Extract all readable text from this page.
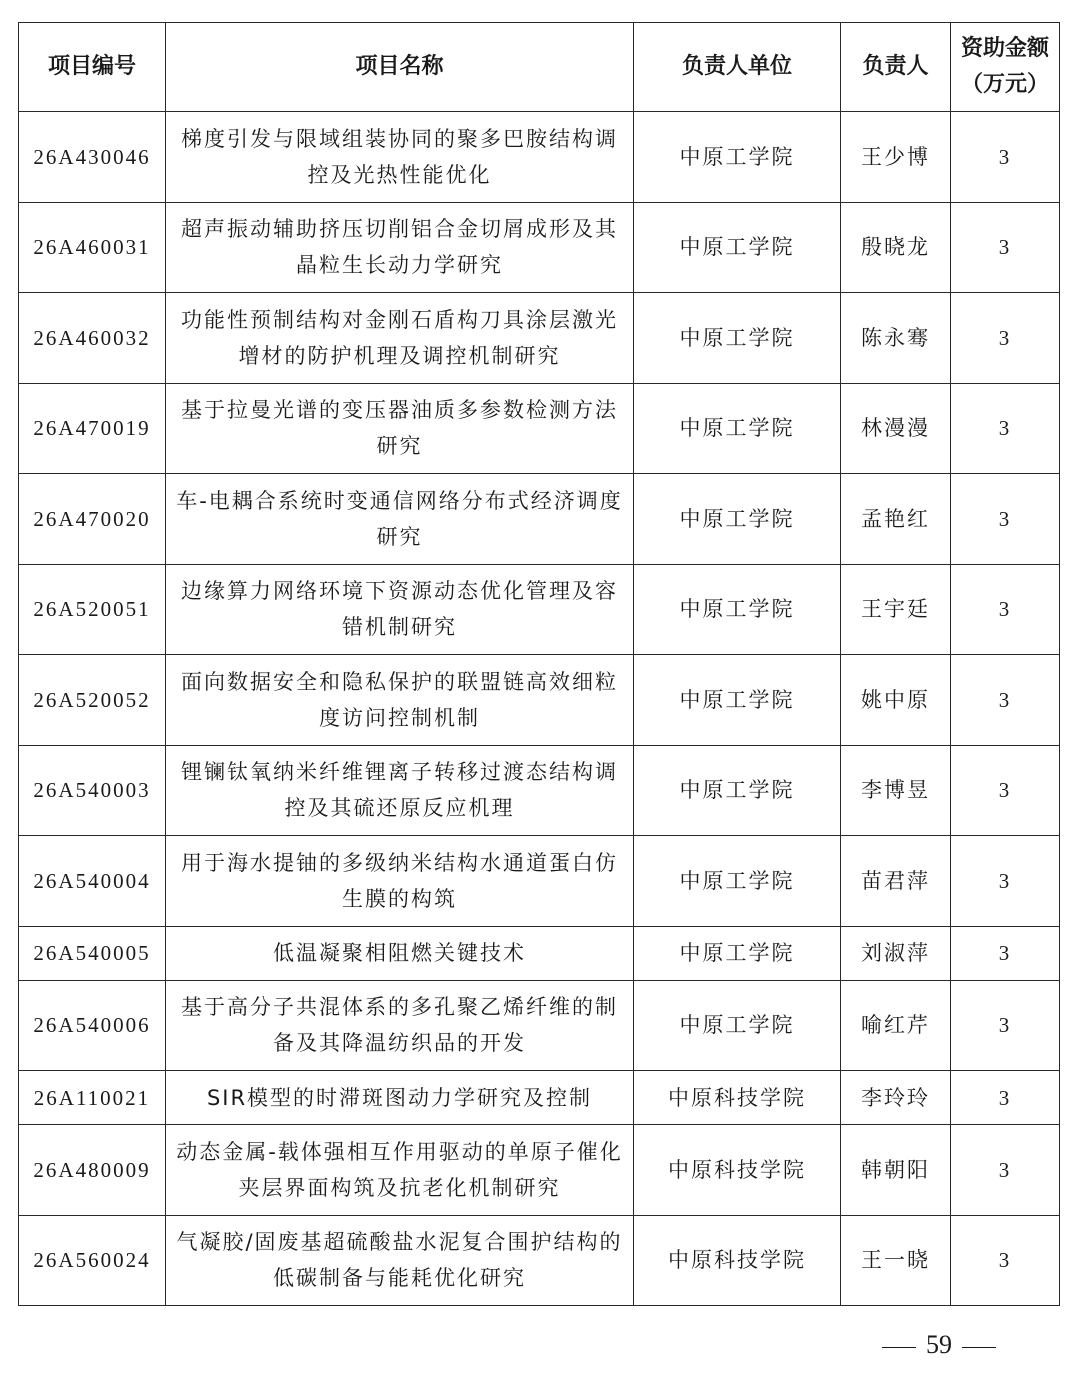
项目编号	项目名称	负责人单位	负责人	资助金额
（万元）

26A430046	梯度引发与限域组装协同的聚多巴胺结构调控及光热性能优化	中原工学院	王少博	3
26A460031	超声振动辅助挤压切削铝合金切屑成形及其晶粒生长动力学研究	中原工学院	殷晓龙	3
26A460032	功能性预制结构对金刚石盾构刀具涂层激光增材的防护机理及调控机制研究	中原工学院	陈永骞	3
26A470019	基于拉曼光谱的变压器油质多参数检测方法研究	中原工学院	林漫漫	3
26A470020	车-电耦合系统时变通信网络分布式经济调度研究	中原工学院	孟艳红	3
26A520051	边缘算力网络环境下资源动态优化管理及容错机制研究	中原工学院	王宇廷	3
26A520052	面向数据安全和隐私保护的联盟链高效细粒度访问控制机制	中原工学院	姚中原	3
26A540003	锂镧钛氧纳米纤维锂离子转移过渡态结构调控及其硫还原反应机理	中原工学院	李博昱	3
26A540004	用于海水提铀的多级纳米结构水通道蛋白仿生膜的构筑	中原工学院	苗君萍	3
26A540005	低温凝聚相阻燃关键技术	中原工学院	刘淑萍	3
26A540006	基于高分子共混体系的多孔聚乙烯纤维的制备及其降温纺织品的开发	中原工学院	喻红芹	3
26A110021	SIR模型的时滞斑图动力学研究及控制	中原科技学院	李玲玲	3
26A480009	动态金属-载体强相互作用驱动的单原子催化夹层界面构筑及抗老化机制研究	中原科技学院	韩朝阳	3
26A560024	气凝胶/固废基超硫酸盐水泥复合围护结构的低碳制备与能耗优化研究	中原科技学院	王一晓	3
59
